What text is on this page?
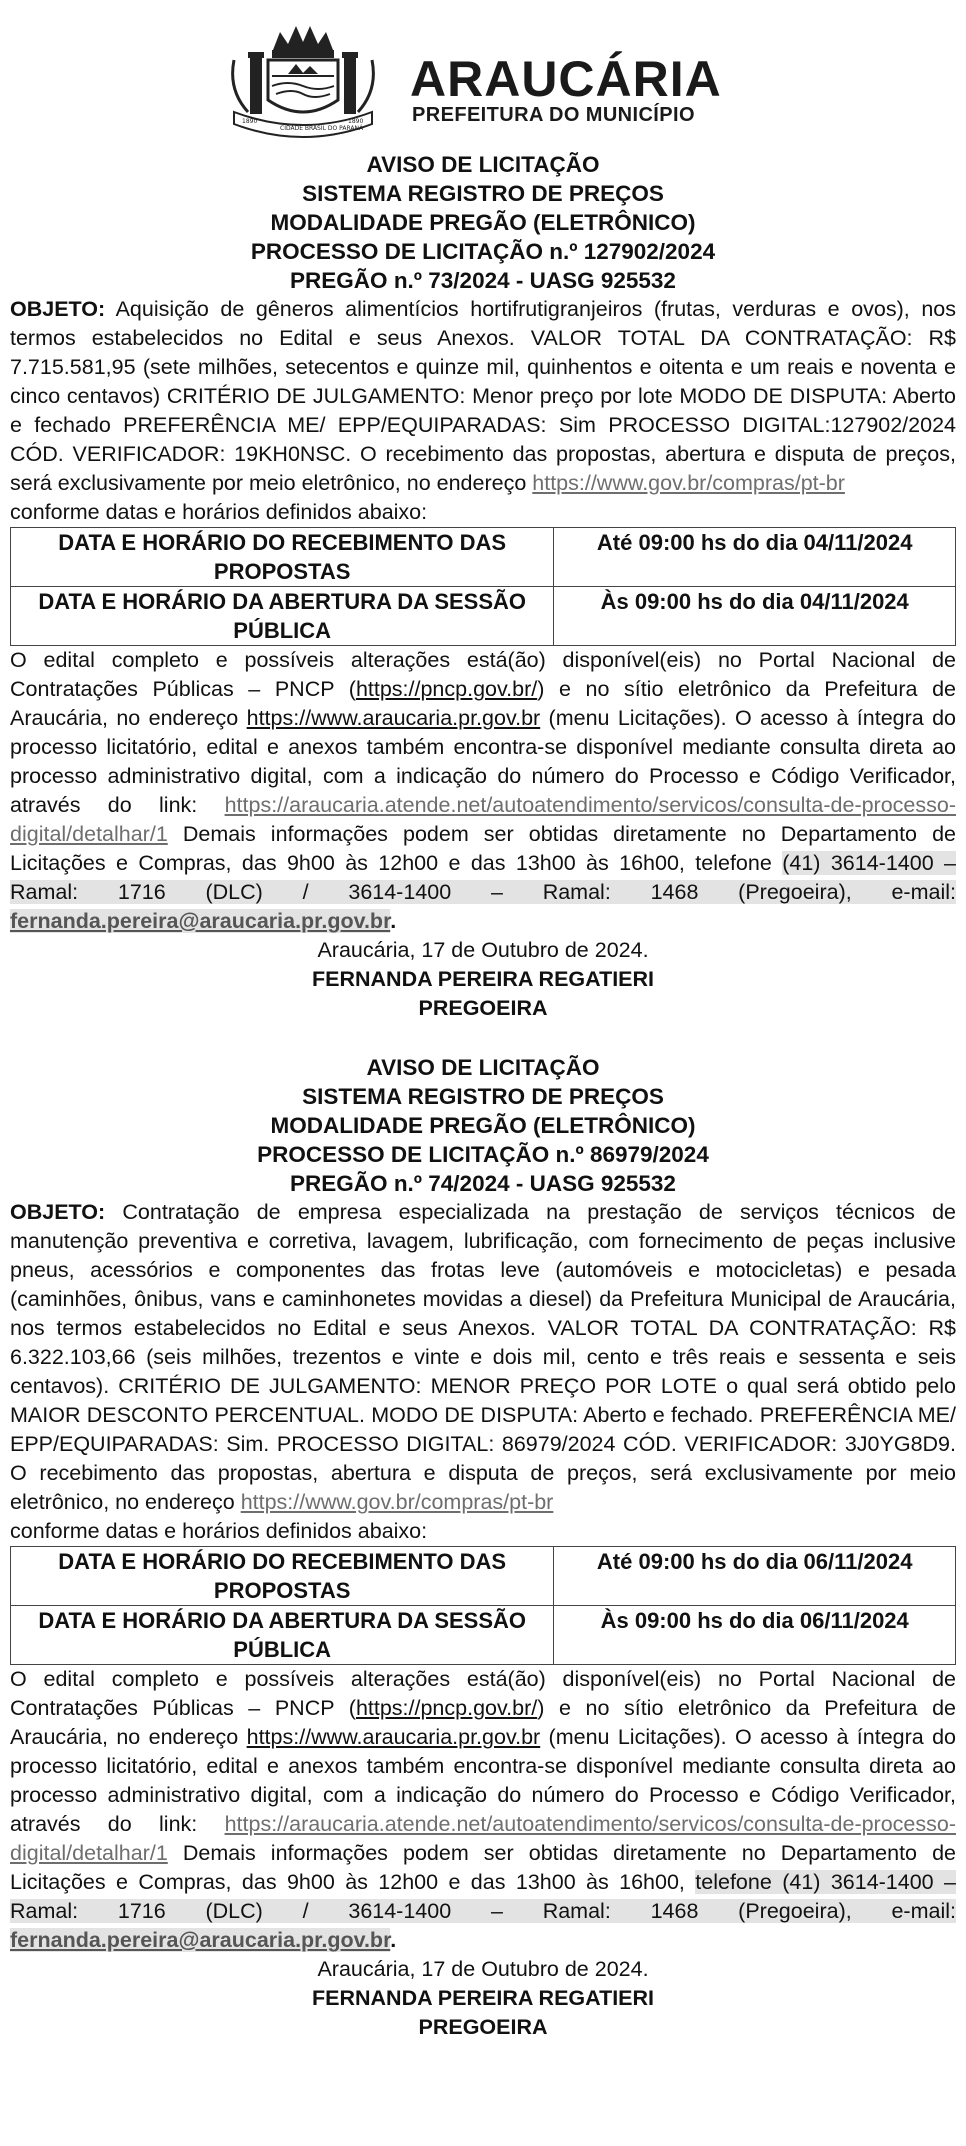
1890
CIDADE BRASIL DO PARANÁ
1890
ARAUCÁRIA
PREFEITURA DO MUNICÍPIO
AVISO DE LICITAÇÃO
SISTEMA REGISTRO DE PREÇOS
MODALIDADE PREGÃO (ELETRÔNICO)
PROCESSO DE LICITAÇÃO n.º 127902/2024
PREGÃO n.º 73/2024 - UASG 925532

OBJETO: Aquisição de gêneros alimentícios hortifrutigranjeiros (frutas, verduras e ovos), nos termos estabelecidos no Edital e seus Anexos. VALOR TOTAL DA CONTRATAÇÃO: R$ 7.715.581,95 (sete milhões, setecentos e quinze mil, quinhentos e oitenta e um reais e noventa e cinco centavos) CRITÉRIO DE JULGAMENTO: Menor preço por lote MODO DE DISPUTA: Aberto e fechado PREFERÊNCIA ME/ EPP/EQUIPARADAS: Sim PROCESSO DIGITAL:127902/2024 CÓD. VERIFICADOR: 19KH0NSC. O recebimento das propostas, abertura e disputa de preços, será exclusivamente por meio eletrônico, no endereço https://www.gov.br/compras/pt-br

conforme datas e horários definidos abaixo:

DATA E HORÁRIO DO RECEBIMENTO DAS PROPOSTAS	Até 09:00 hs do dia 04/11/2024
DATA E HORÁRIO DA ABERTURA DA SESSÃO PÚBLICA	Às 09:00 hs do dia 04/11/2024

O edital completo e possíveis alterações está(ão) disponível(eis) no Portal Nacional de Contratações Públicas – PNCP (https://pncp.gov.br/) e no sítio eletrônico da Prefeitura de Araucária, no endereço https://www.araucaria.pr.gov.br (menu Licitações). O acesso à íntegra do processo licitatório, edital e anexos também encontra-se disponível mediante consulta direta ao processo administrativo digital, com a indicação do número do Processo e Código Verificador, através do link: https://araucaria.atende.net/autoatendimento/servicos/consulta-de-processo-digital/detalhar/1 Demais informações podem ser obtidas diretamente no Departamento de Licitações e Compras, das 9h00 às 12h00 e das 13h00 às 16h00, telefone (41) 3614-1400 – Ramal: 1716 (DLC) / 3614-1400 – Ramal: 1468 (Pregoeira), e-mail: fernanda.pereira@araucaria.pr.gov.br.

Araucária, 17 de Outubro de 2024.

FERNANDA PEREIRA REGATIERI

PREGOEIRA

AVISO DE LICITAÇÃO
SISTEMA REGISTRO DE PREÇOS
MODALIDADE PREGÃO (ELETRÔNICO)
PROCESSO DE LICITAÇÃO n.º 86979/2024
PREGÃO n.º 74/2024 - UASG 925532

OBJETO: Contratação de empresa especializada na prestação de serviços técnicos de manutenção preventiva e corretiva, lavagem, lubrificação, com fornecimento de peças inclusive pneus, acessórios e componentes das frotas leve (automóveis e motocicletas) e pesada (caminhões, ônibus, vans e caminhonetes movidas a diesel) da Prefeitura Municipal de Araucária, nos termos estabelecidos no Edital e seus Anexos. VALOR TOTAL DA CONTRATAÇÃO: R$ 6.322.103,66 (seis milhões, trezentos e vinte e dois mil, cento e três reais e sessenta e seis centavos). CRITÉRIO DE JULGAMENTO: MENOR PREÇO POR LOTE o qual será obtido pelo MAIOR DESCONTO PERCENTUAL. MODO DE DISPUTA: Aberto e fechado. PREFERÊNCIA ME/ EPP/EQUIPARADAS: Sim. PROCESSO DIGITAL: 86979/2024 CÓD. VERIFICADOR: 3J0YG8D9. O recebimento das propostas, abertura e disputa de preços, será exclusivamente por meio eletrônico, no endereço https://www.gov.br/compras/pt-br

conforme datas e horários definidos abaixo:

DATA E HORÁRIO DO RECEBIMENTO DAS PROPOSTAS	Até 09:00 hs do dia 06/11/2024
DATA E HORÁRIO DA ABERTURA DA SESSÃO PÚBLICA	Às 09:00 hs do dia 06/11/2024

O edital completo e possíveis alterações está(ão) disponível(eis) no Portal Nacional de Contratações Públicas – PNCP (https://pncp.gov.br/) e no sítio eletrônico da Prefeitura de Araucária, no endereço https://www.araucaria.pr.gov.br (menu Licitações). O acesso à íntegra do processo licitatório, edital e anexos também encontra-se disponível mediante consulta direta ao processo administrativo digital, com a indicação do número do Processo e Código Verificador, através do link: https://araucaria.atende.net/autoatendimento/servicos/consulta-de-processo-digital/detalhar/1 Demais informações podem ser obtidas diretamente no Departamento de Licitações e Compras, das 9h00 às 12h00 e das 13h00 às 16h00, telefone (41) 3614-1400 – Ramal: 1716 (DLC) / 3614-1400 – Ramal: 1468 (Pregoeira), e-mail: fernanda.pereira@araucaria.pr.gov.br.

Araucária, 17 de Outubro de 2024.

FERNANDA PEREIRA REGATIERI

PREGOEIRA
